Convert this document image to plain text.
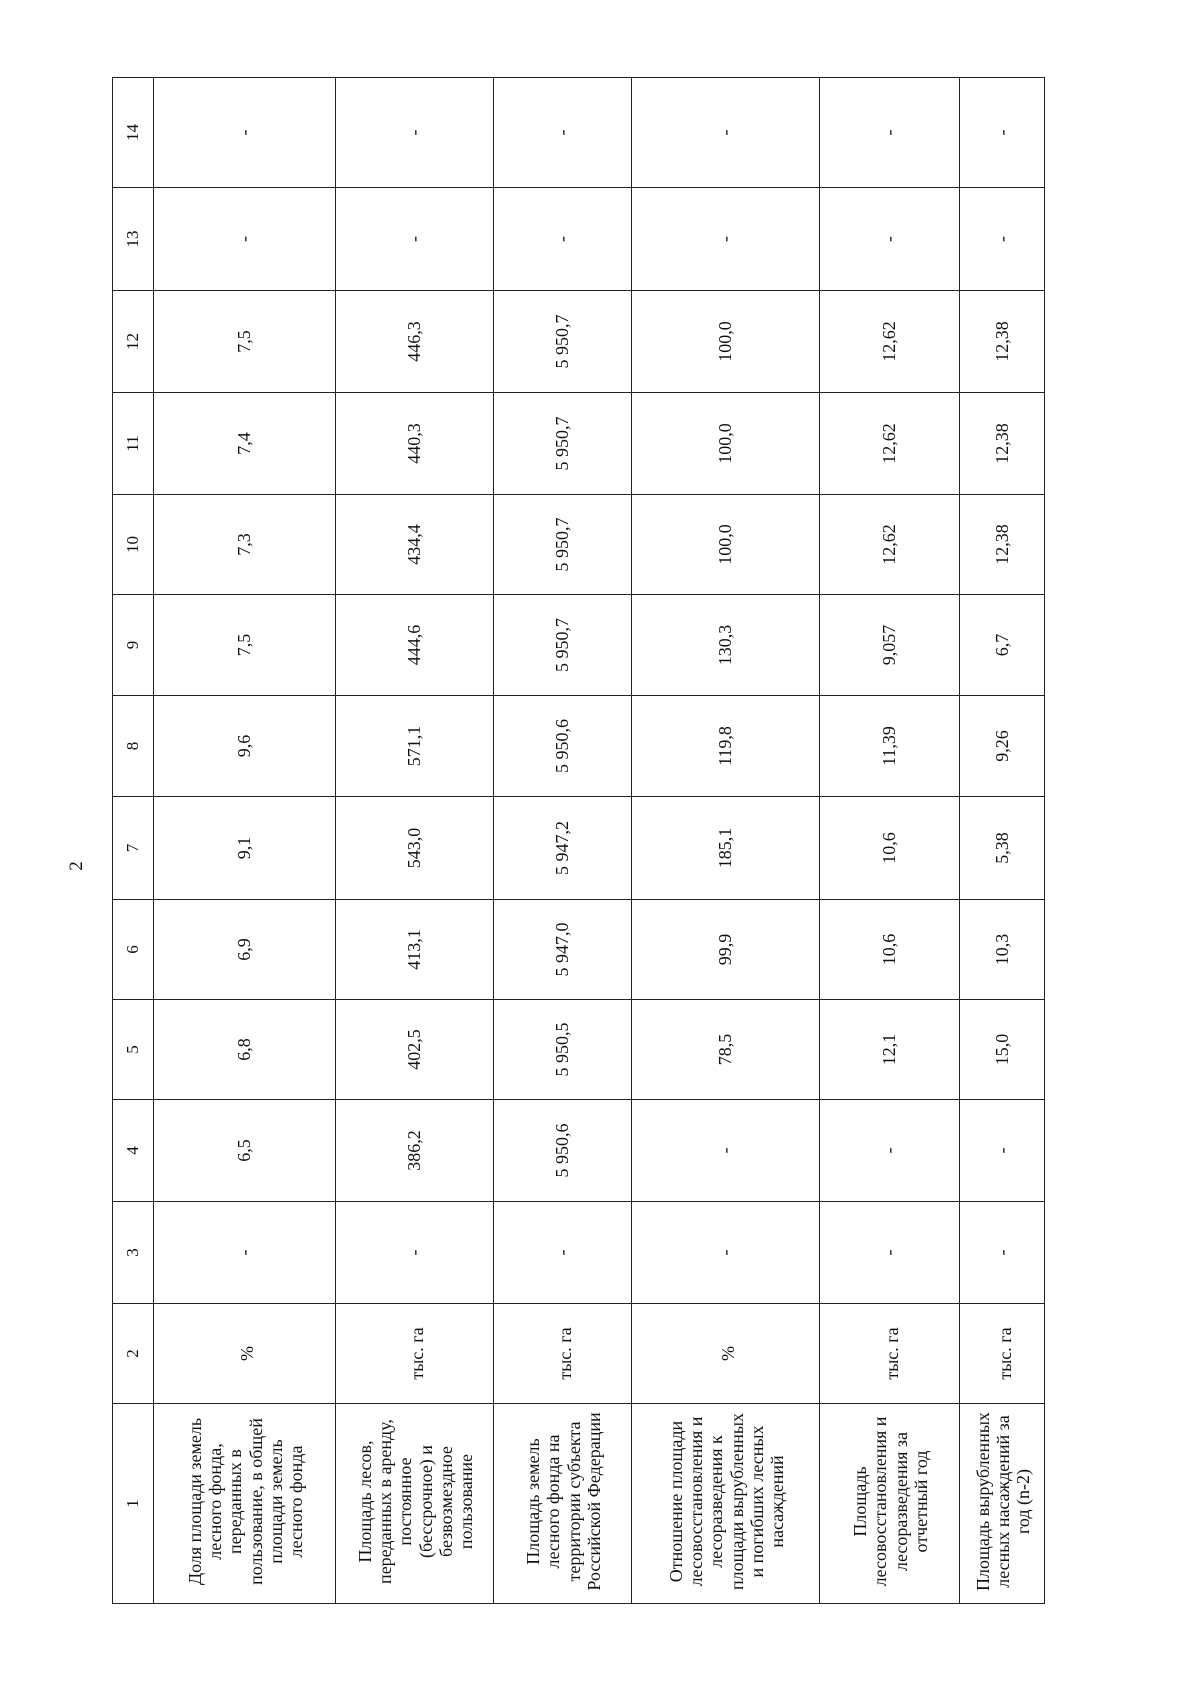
2
1	2	3	4	5	6	7	8	9	10	11	12	13	14
Доля площади земель лесного фонда, переданных в пользование, в общей площади земель лесного фонда	%	-	6,5	6,8	6,9	9,1	9,6	7,5	7,3	7,4	7,5	-	-
Площадь лесов, переданных в аренду, постоянное (бессрочное) и безвозмездное пользование	тыс. га	-	386,2	402,5	413,1	543,0	571,1	444,6	434,4	440,3	446,3	-	-
Площадь земель лесного фонда на территории субъекта Российской Федерации	тыс. га	-	5 950,6	5 950,5	5 947,0	5 947,2	5 950,6	5 950,7	5 950,7	5 950,7	5 950,7	-	-
Отношение площади лесовосстановления и лесоразведения к площади вырубленных и погибших лесных насаждений	%	-	-	78,5	99,9	185,1	119,8	130,3	100,0	100,0	100,0	-	-
Площадь лесовосстановления и лесоразведения за отчетный год	тыс. га	-	-	12,1	10,6	10,6	11,39	9,057	12,62	12,62	12,62	-	-
Площадь вырубленных лесных насаждений за год (n-2)	тыс. га	-	-	15,0	10,3	5,38	9,26	6,7	12,38	12,38	12,38	-	-
